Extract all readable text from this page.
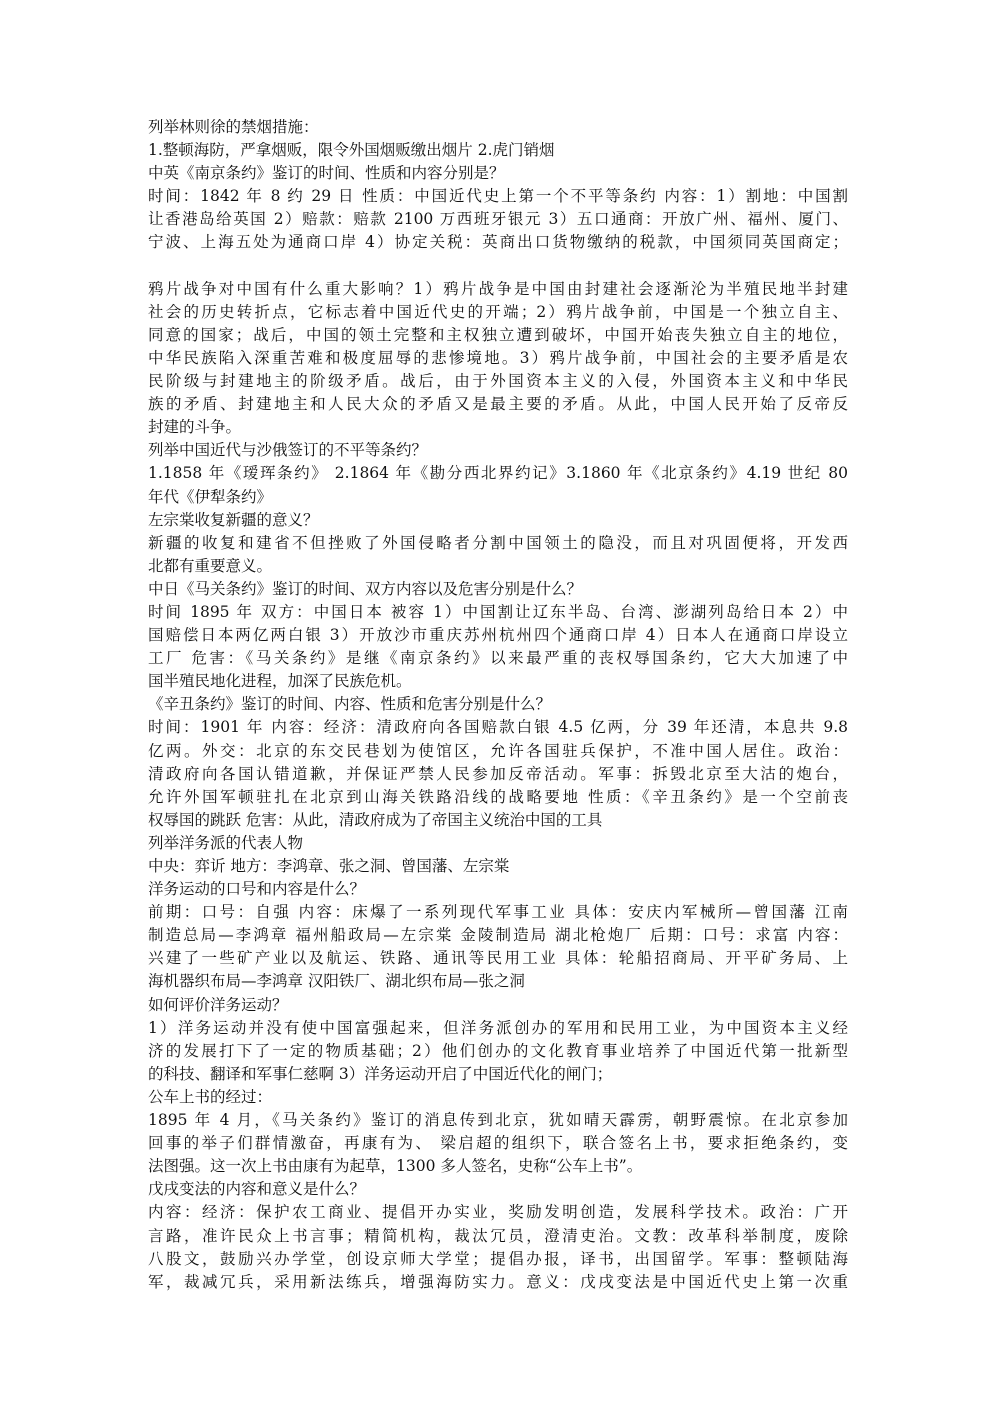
列举林则徐的禁烟措施：
1.整顿海防，严拿烟贩，限令外国烟贩缴出烟片 2.虎门销烟
中英《南京条约》鉴订的时间、性质和内容分别是？
时间：1842 年 8 约 29 日 性质：中国近代史上第一个不平等条约 内容：1）割地：中国割
让香港岛给英国 2）赔款：赔款 2100 万西班牙银元 3）五口通商：开放广州、福州、厦门、
宁波、上海五处为通商口岸 4）协定关税：英商出口货物缴纳的税款，中国须同英国商定；
鸦片战争对中国有什么重大影响？1）鸦片战争是中国由封建社会逐渐沦为半殖民地半封建
社会的历史转折点，它标志着中国近代史的开端；2）鸦片战争前，中国是一个独立自主、
同意的国家；战后，中国的领土完整和主权独立遭到破坏，中国开始丧失独立自主的地位，
中华民族陷入深重苦难和极度屈辱的悲惨境地。3）鸦片战争前，中国社会的主要矛盾是农
民阶级与封建地主的阶级矛盾。战后，由于外国资本主义的入侵，外国资本主义和中华民
族的矛盾、封建地主和人民大众的矛盾又是最主要的矛盾。从此，中国人民开始了反帝反
封建的斗争。
列举中国近代与沙俄签订的不平等条约？
1.1858 年《瑷珲条约》 2.1864 年《勘分西北界约记》3.1860 年《北京条约》4.19 世纪 80
年代《伊犁条约》
左宗棠收复新疆的意义？
新疆的收复和建省不但挫败了外国侵略者分割中国领土的隐没，而且对巩固便将，开发西
北都有重要意义。
中日《马关条约》鉴订的时间、双方内容以及危害分别是什么？
时间 1895 年 双方：中国日本 被容 1）中国割让辽东半岛、台湾、澎湖列岛给日本 2）中
国赔偿日本两亿两白银 3）开放沙市重庆苏州杭州四个通商口岸 4）日本人在通商口岸设立
工厂 危害：《马关条约》是继《南京条约》以来最严重的丧权辱国条约，它大大加速了中
国半殖民地化进程，加深了民族危机。
《辛丑条约》鉴订的时间、内容、性质和危害分别是什么？
时间：1901 年 内容：经济：清政府向各国赔款白银 4.5 亿两，分 39 年还清，本息共 9.8
亿两。外交：北京的东交民巷划为使馆区，允许各国驻兵保护，不准中国人居住。政治：
清政府向各国认错道歉，并保证严禁人民参加反帝活动。军事：拆毁北京至大沽的炮台，
允许外国军顿驻扎在北京到山海关铁路沿线的战略要地 性质：《辛丑条约》是一个空前丧
权辱国的跳跃 危害：从此，清政府成为了帝国主义统治中国的工具
列举洋务派的代表人物
中央：弈䜣 地方：李鸿章、张之洞、曾国藩、左宗棠
洋务运动的口号和内容是什么？
前期：口号：自强 内容：床爆了一系列现代军事工业 具体：安庆内军械所—曾国藩 江南
制造总局—李鸿章 福州船政局—左宗棠 金陵制造局 湖北枪炮厂 后期：口号：求富 内容：
兴建了一些矿产业以及航运、铁路、通讯等民用工业 具体：轮船招商局、开平矿务局、上
海机器织布局—李鸿章 汉阳铁厂、湖北织布局—张之洞
如何评价洋务运动？
1）洋务运动并没有使中国富强起来，但洋务派创办的军用和民用工业，为中国资本主义经
济的发展打下了一定的物质基础；2）他们创办的文化教育事业培养了中国近代第一批新型
的科技、翻译和军事仁慈啊 3）洋务运动开启了中国近代化的闸门；
公车上书的经过：
1895 年 4 月，《马关条约》鉴订的消息传到北京，犹如晴天霹雳，朝野震惊。在北京参加
回事的举子们群情激奋，再康有为、 梁启超的组织下，联合签名上书，要求拒绝条约，变
法图强。这一次上书由康有为起草，1300 多人签名，史称“公车上书”。
戊戌变法的内容和意义是什么？
内容：经济：保护农工商业、提倡开办实业，奖励发明创造，发展科学技术。政治：广开
言路，准许民众上书言事；精简机构，裁汰冗员，澄清吏治。文教：改革科举制度，废除
八股文，鼓励兴办学堂，创设京师大学堂；提倡办报，译书，出国留学。军事：整顿陆海
军，裁减冗兵，采用新法练兵，增强海防实力。意义：戊戌变法是中国近代史上第一次重
